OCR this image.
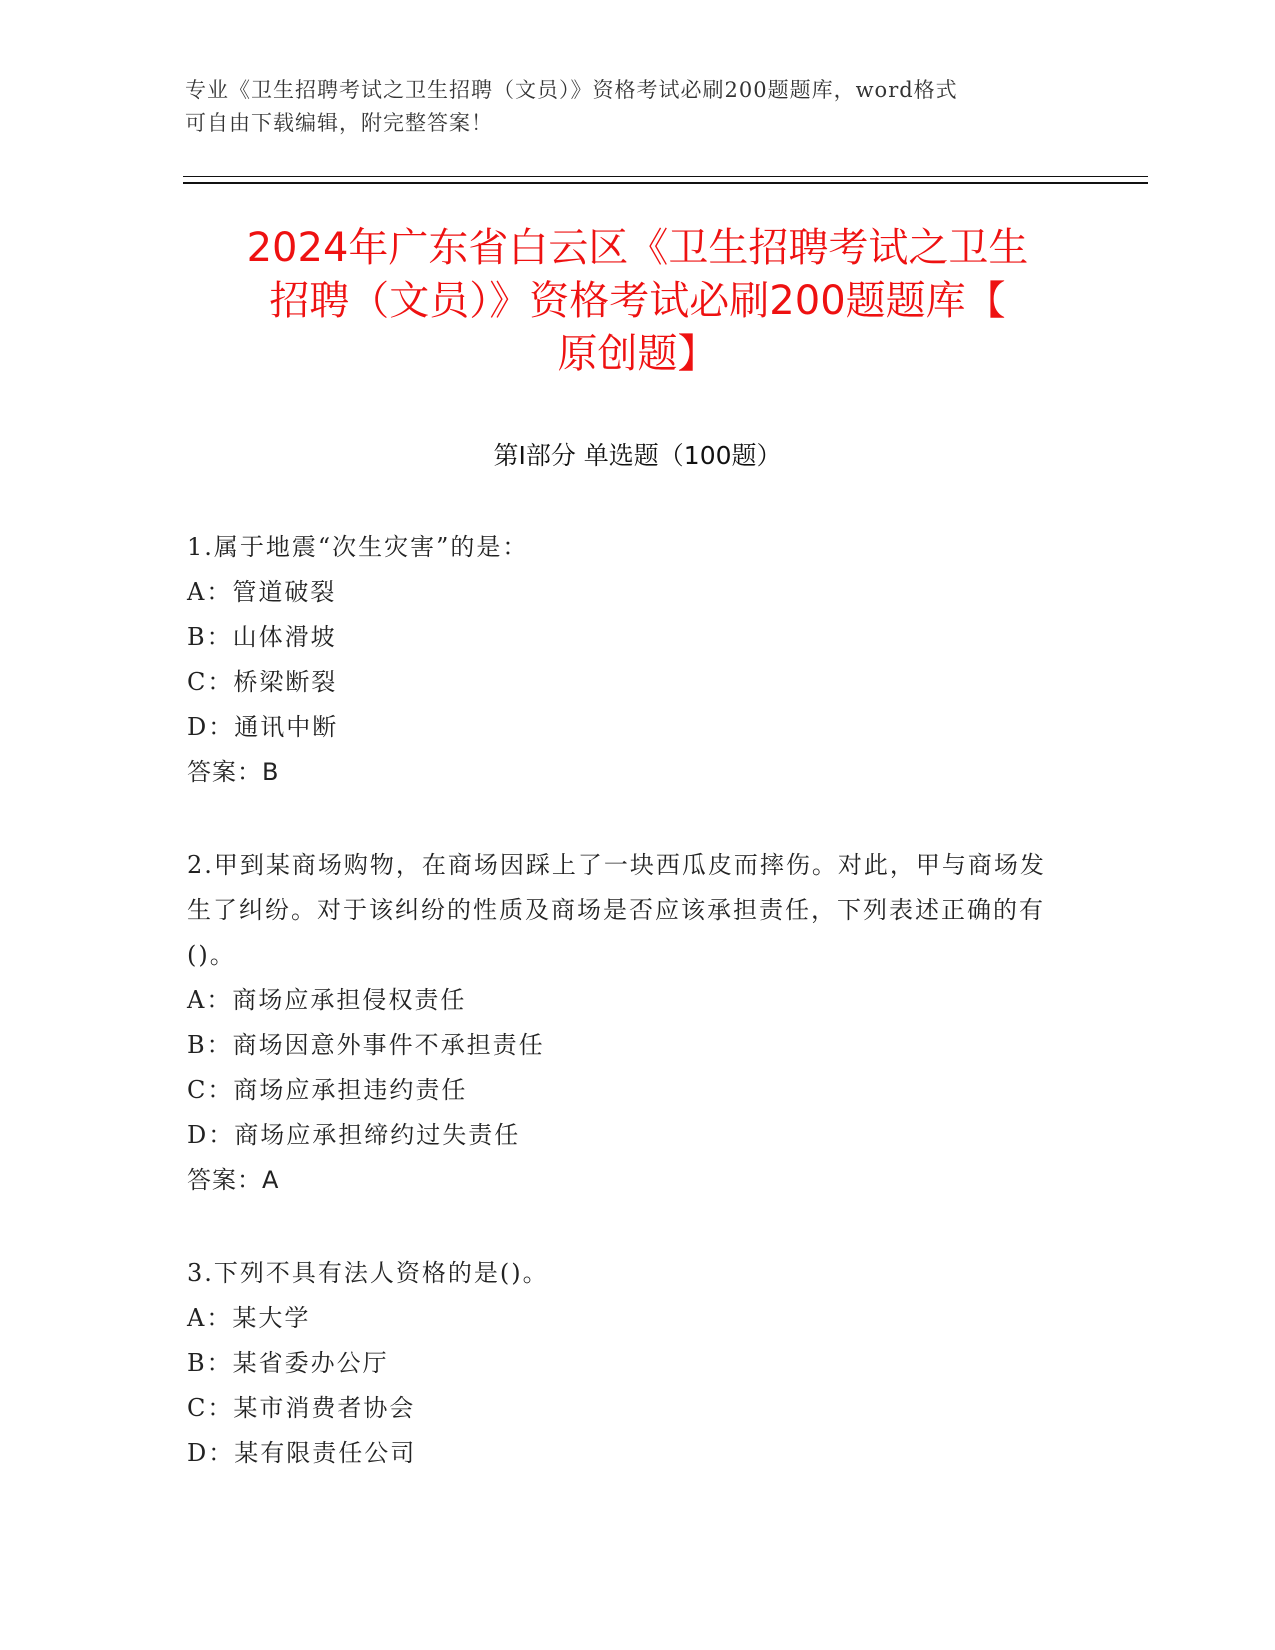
专业《卫生招聘考试之卫生招聘（文员）》资格考试必刷200题题库，word格式
可自由下载编辑，附完整答案！
2024年广东省白云区《卫生招聘考试之卫生
招聘（文员）》资格考试必刷200题题库【
原创题】
第Ⅰ部分 单选题（100题）
1.属于地震“次生灾害”的是：
A：管道破裂
B：山体滑坡
C：桥梁断裂
D：通讯中断
答案：B
2.甲到某商场购物，在商场因踩上了一块西瓜皮而摔伤。对此，甲与商场发生了纠纷。对于该纠纷的性质及商场是否应该承担责任，下列表述正确的有()。
A：商场应承担侵权责任
B：商场因意外事件不承担责任
C：商场应承担违约责任
D：商场应承担缔约过失责任
答案：A
3.下列不具有法人资格的是()。
A：某大学
B：某省委办公厅
C：某市消费者协会
D：某有限责任公司
